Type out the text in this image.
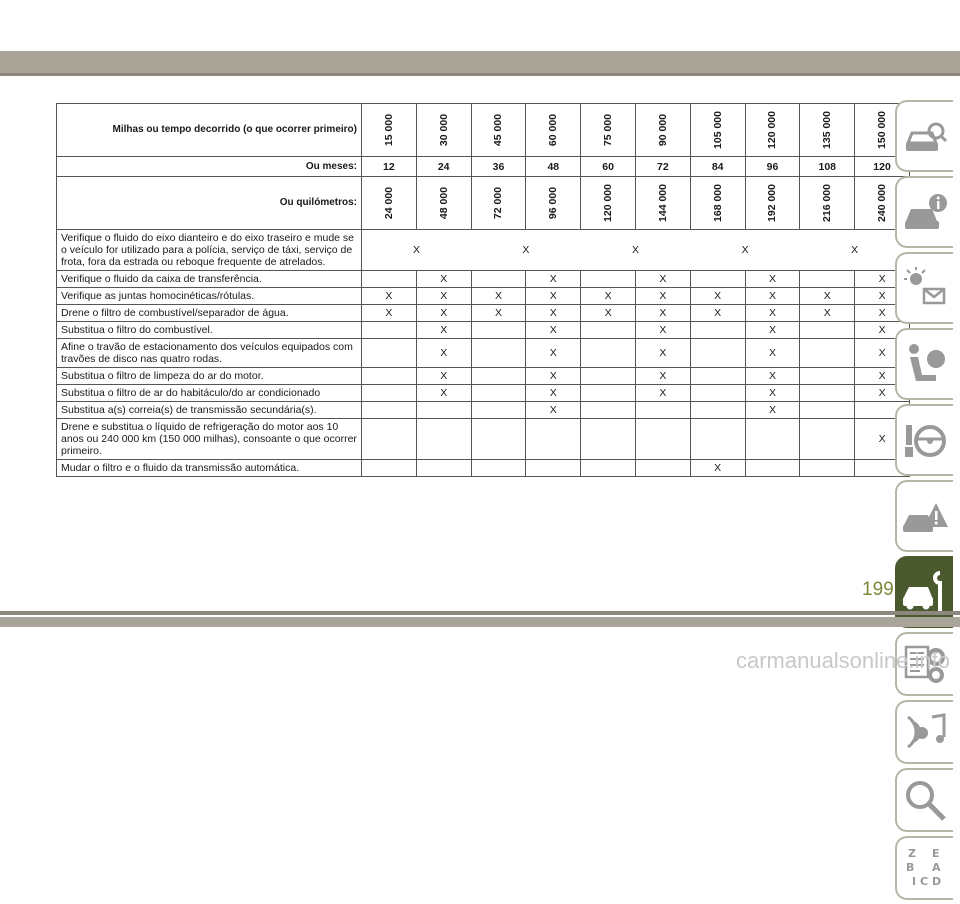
Milhas ou tempo decorrido (o que ocorrer primeiro)	15 000	30 000	45 000	60 000	75 000	90 000	105 000	120 000	135 000	150 000

Ou meses:	12	24	36	48	60	72	84	96	108	120
Ou quilómetros:	24 000	48 000	72 000	96 000	120 000	144 000	168 000	192 000	216 000	240 000

Verifique o fluido do eixo dianteiro e do eixo traseiro e mude se o veículo for utilizado para a polícia, serviço de táxi, serviço de frota, fora da estrada ou reboque frequente de atrelados.	X		X		X		X		X	
Verifique o fluido da caixa de transferência.		X		X		X		X		X
Verifique as juntas homocinéticas/rótulas.	X	X	X	X	X	X	X	X	X	X
Drene o filtro de combustível/separador de água.	X	X	X	X	X	X	X	X	X	X
Substitua o filtro do combustível.		X		X		X		X		X
Afine o travão de estacionamento dos veículos equipados com travões de disco nas quatro rodas.		X		X		X		X		X
Substitua o filtro de limpeza do ar do motor.		X		X		X		X		X
Substitua o filtro de ar do habitáculo/do ar condicionado		X		X		X		X		X
Substitua a(s) correia(s) de transmissão secundária(s).				X				X		
Drene e substitua o líquido de refrigeração do motor aos 10 anos ou 240 000 km (150 000 milhas), consoante o que ocorrer primeiro.										X
Mudar o filtro e o fluido da transmissão automática.							X			
Z E
B A
I C D
199
carmanualsonline.info
